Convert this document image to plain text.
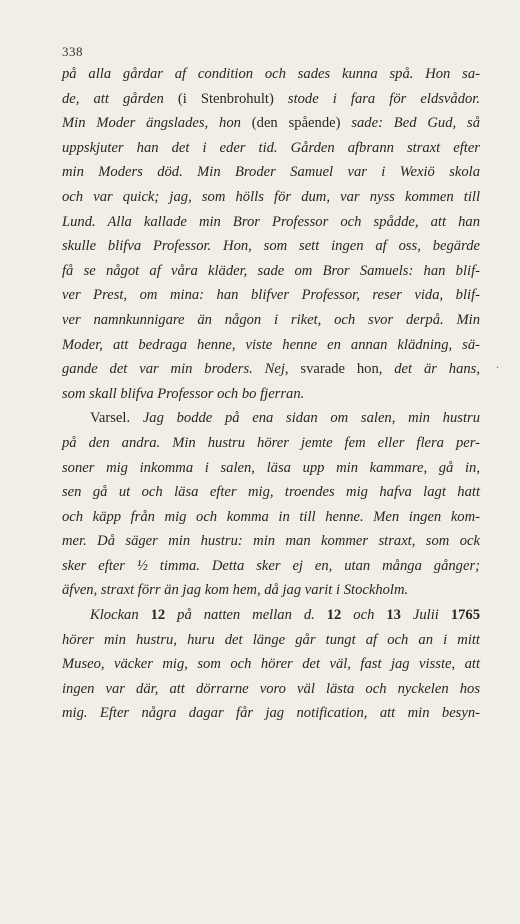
338
på alla gårdar af condition och sades kunna spå. Hon sa-
de, att gården (i Stenbrohult) stode i fara för eldsvådor.
Min Moder ängslades, hon (den spående) sade: Bed Gud, så
uppskjuter han det i eder tid. Gården afbrann straxt efter
min Moders död. Min Broder Samuel var i Wexiö skola
och var quick; jag, som hölls för dum, var nyss kommen till
Lund. Alla kallade min Bror Professor och spådde, att han
skulle blifva Professor. Hon, som sett ingen af oss, begärde
få se något af våra kläder, sade om Bror Samuels: han blif-
ver Prest, om mina: han blifver Professor, reser vida, blif-
ver namnkunnigare än någon i riket, och svor derpå. Min
Moder, att bedraga henne, viste henne en annan klädning, sä-
gande det var min broders. Nej, svarade hon, det är hans,
som skall blifva Professor och bo fjerran.
Varsel. Jag bodde på ena sidan om salen, min hustru
på den andra. Min hustru hörer jemte fem eller flera per-
soner mig inkomma i salen, läsa upp min kammare, gå in,
sen gå ut och läsa efter mig, troendes mig hafva lagt hatt
och käpp från mig och komma in till henne. Men ingen kom-
mer. Då säger min hustru: min man kommer straxt, som ock
sker efter ½ timma. Detta sker ej en, utan många gånger;
äfven, straxt förr än jag kom hem, då jag varit i Stockholm.
Klockan 12 på natten mellan d. 12 och 13 Julii 1765
hörer min hustru, huru det länge går tungt af och an i mitt
Museo, väcker mig, som och hörer det väl, fast jag visste, att
ingen var där, att dörrarne voro väl lästa och nyckelen hos
mig. Efter några dagar får jag notification, att min besyn-
.
